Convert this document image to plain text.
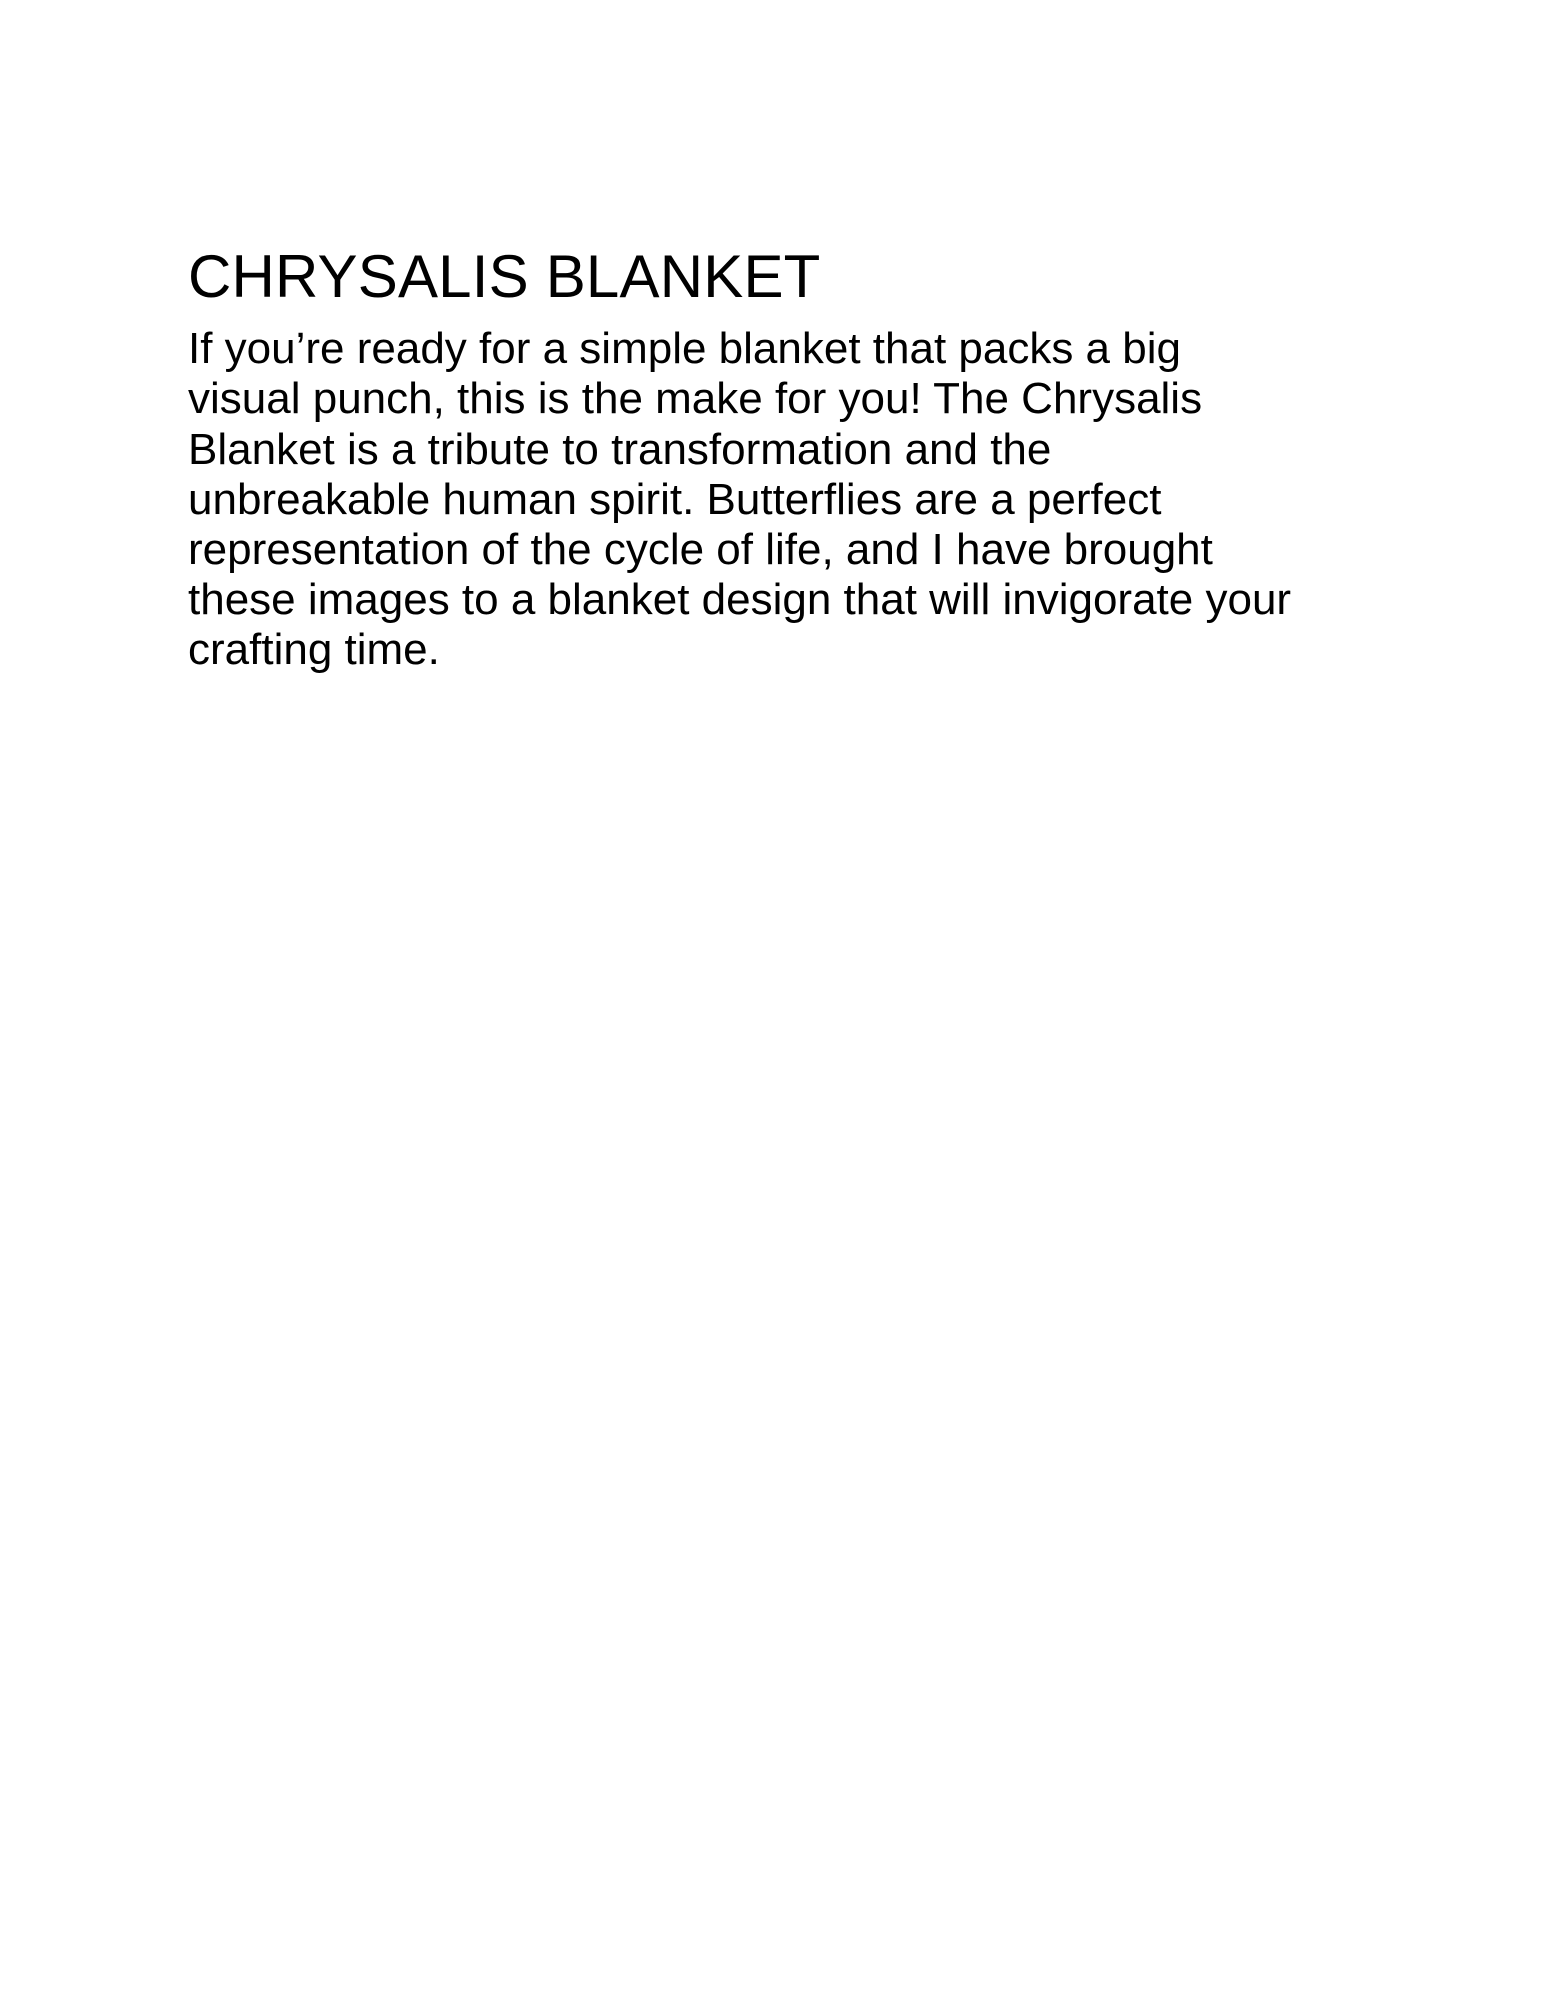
CHRYSALIS BLANKET

If you’re ready for a simple blanket that packs a big visual punch, this is the make for you! The Chrysalis Blanket is a tribute to transformation and the unbreakable human spirit. Butterflies are a perfect representation of the cycle of life, and I have brought these images to a blanket design that will invigorate your crafting time.
